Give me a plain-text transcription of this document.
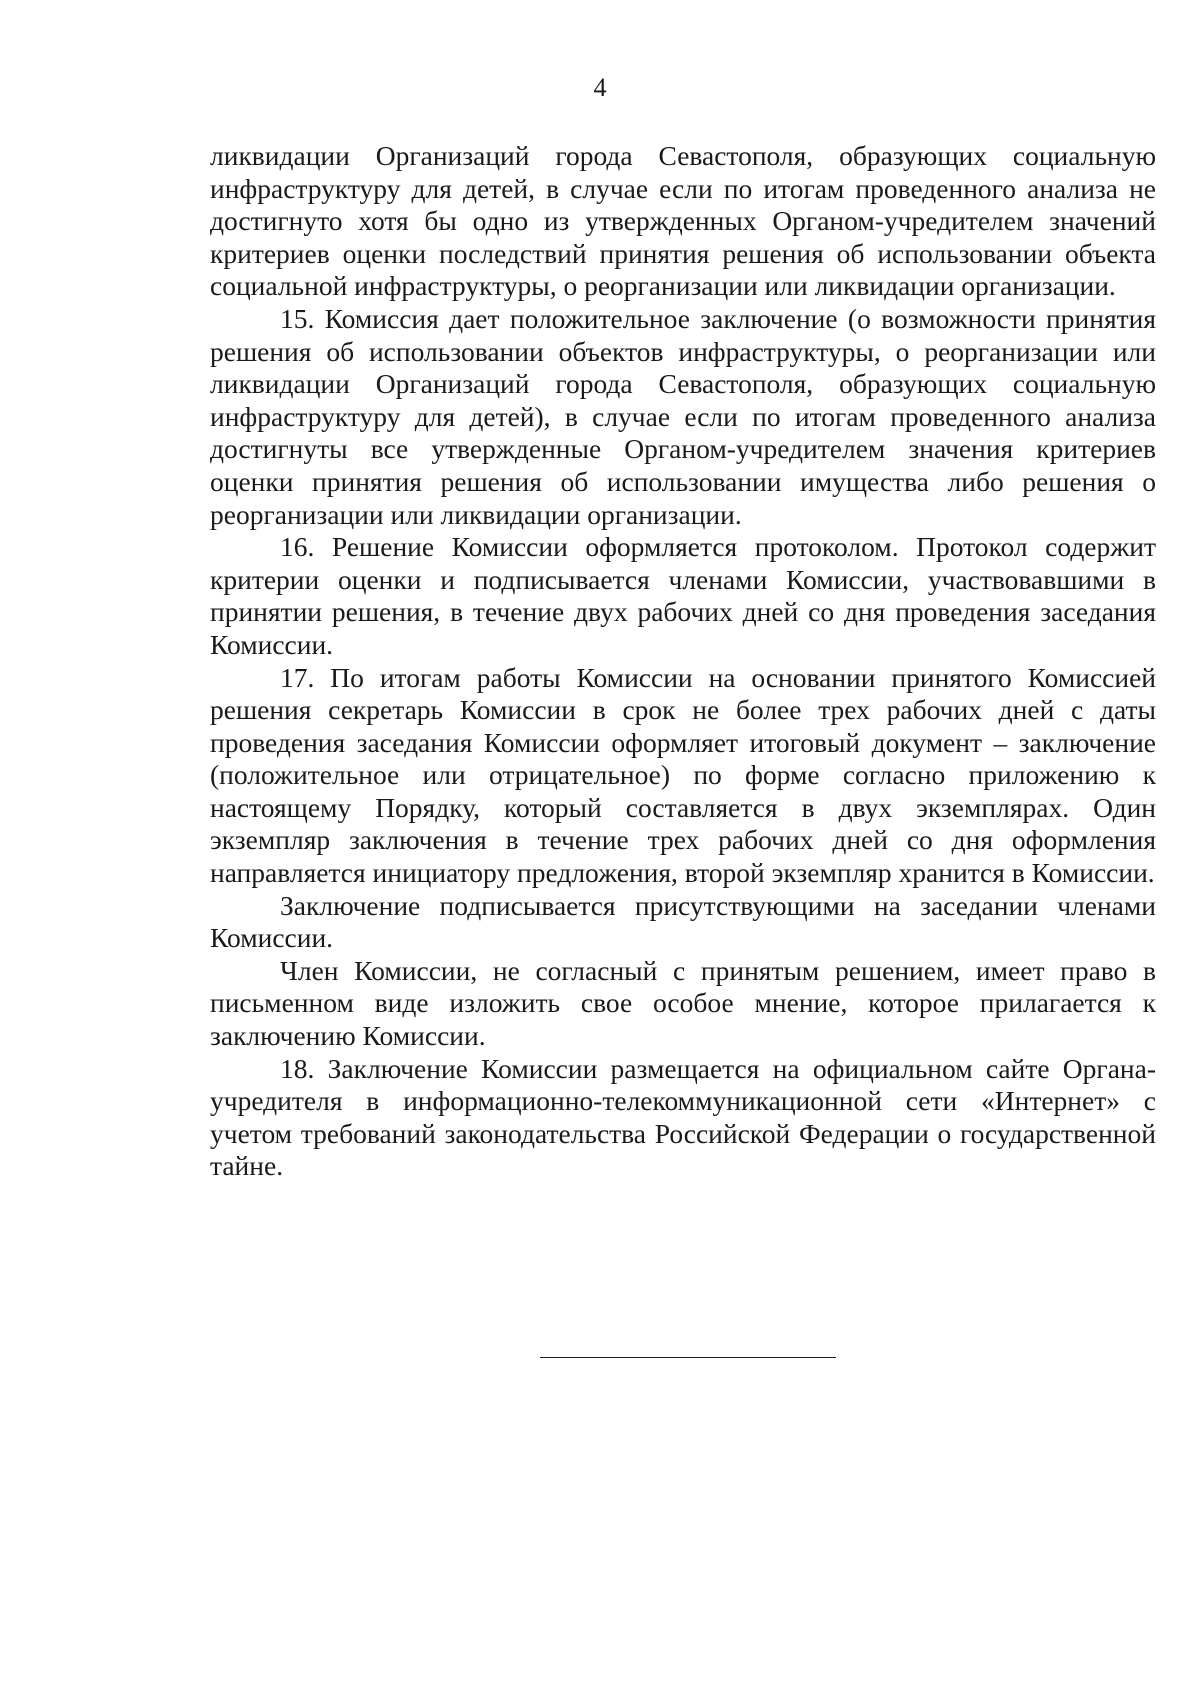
4

ликвидации Организаций города Севастополя, образующих социальную инфраструктуру для детей, в случае если по итогам проведенного анализа не достигнуто хотя бы одно из утвержденных Органом-учредителем значений критериев оценки последствий принятия решения об использовании объекта социальной инфраструктуры, о реорганизации или ликвидации организации.

15. Комиссия дает положительное заключение (о возможности принятия решения об использовании объектов инфраструктуры, о реорганизации или ликвидации Организаций города Севастополя, образующих социальную инфраструктуру для детей), в случае если по итогам проведенного анализа достигнуты все утвержденные Органом-учредителем значения критериев оценки принятия решения об использовании имущества либо решения о реорганизации или ликвидации организации.

16. Решение Комиссии оформляется протоколом. Протокол содержит критерии оценки и подписывается членами Комиссии, участвовавшими в принятии решения, в течение двух рабочих дней со дня проведения заседания Комиссии.

17. По итогам работы Комиссии на основании принятого Комиссией решения секретарь Комиссии в срок не более трех рабочих дней с даты проведения заседания Комиссии оформляет итоговый документ – заключение (положительное или отрицательное) по форме согласно приложению к настоящему Порядку, который составляется в двух экземплярах. Один экземпляр заключения в течение трех рабочих дней со дня оформления направляется инициатору предложения, второй экземпляр хранится в Комиссии.

Заключение подписывается присутствующими на заседании членами Комиссии.

Член Комиссии, не согласный с принятым решением, имеет право в письменном виде изложить свое особое мнение, которое прилагается к заключению Комиссии.

18. Заключение Комиссии размещается на официальном сайте Органа-учредителя в информационно-телекоммуникационной сети «Интернет» с учетом требований законодательства Российской Федерации о государственной тайне.
